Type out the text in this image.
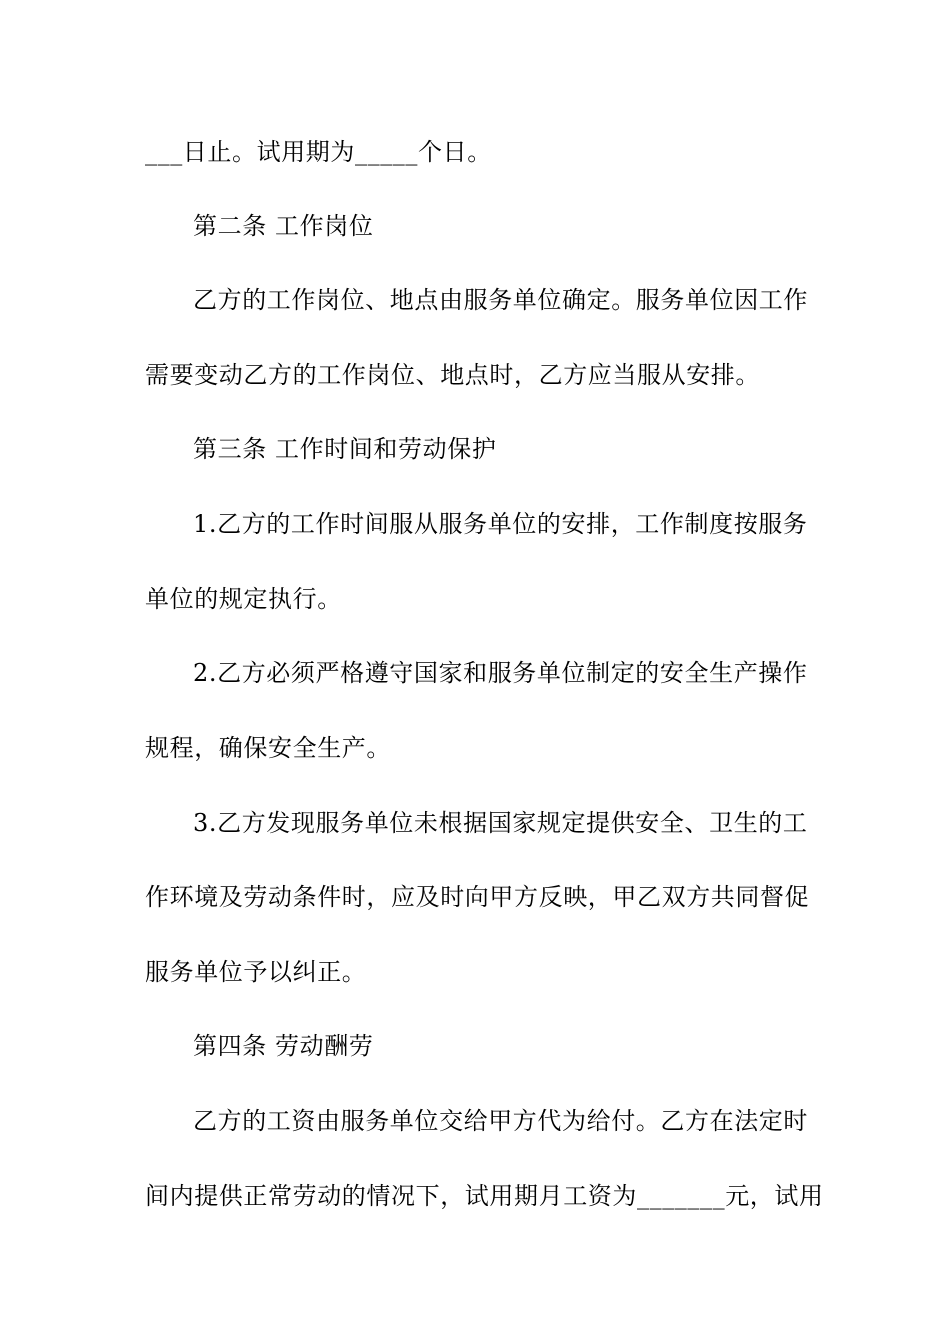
___日止。试用期为_____个日。
第二条 工作岗位
乙方的工作岗位、地点由服务单位确定。服务单位因工作
需要变动乙方的工作岗位、地点时，乙方应当服从安排。
第三条 工作时间和劳动保护
1.乙方的工作时间服从服务单位的安排，工作制度按服务
单位的规定执行。
2.乙方必须严格遵守国家和服务单位制定的安全生产操作
规程，确保安全生产。
3.乙方发现服务单位未根据国家规定提供安全、卫生的工
作环境及劳动条件时，应及时向甲方反映，甲乙双方共同督促
服务单位予以纠正。
第四条 劳动酬劳
乙方的工资由服务单位交给甲方代为给付。乙方在法定时
间内提供正常劳动的情况下，试用期月工资为_______元，试用
